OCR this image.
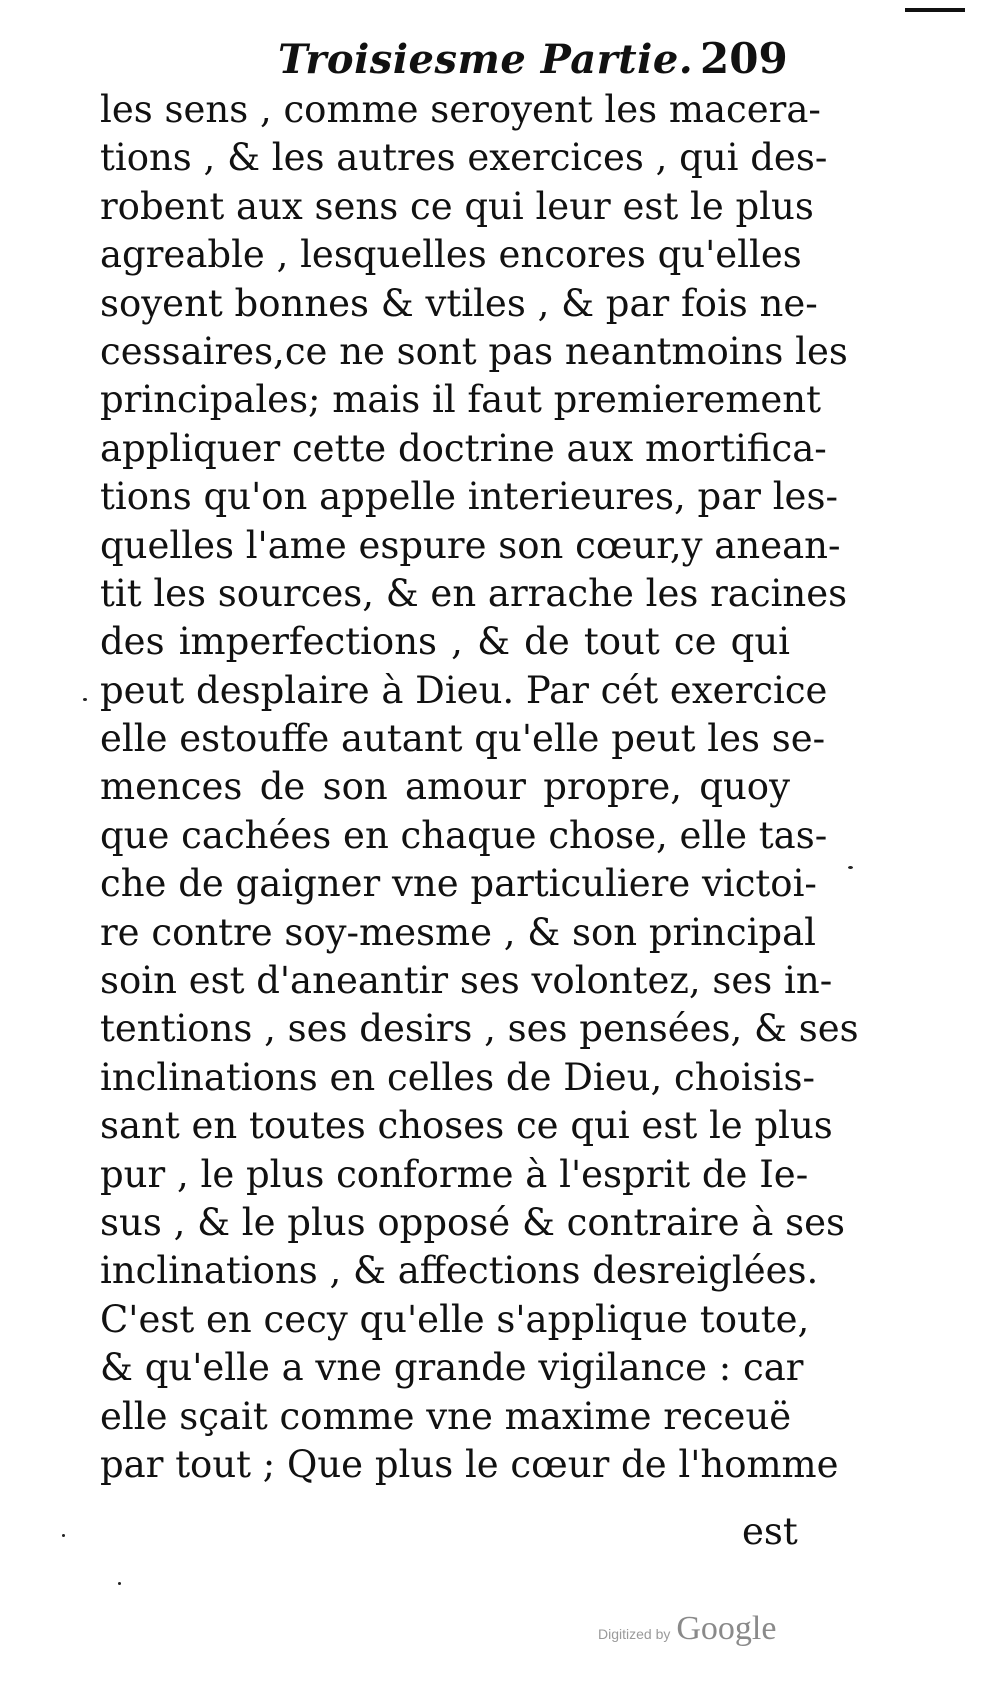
Troisiesme Partie. 209
les sens , comme seroyent les macera-
tions , & les autres exercices , qui des-
robent aux sens ce qui leur est le plus
agreable , lesquelles encores qu'elles
soyent bonnes & vtiles , & par fois ne-
cessaires,ce ne sont pas neantmoins les
principales; mais il faut premierement
appliquer cette doctrine aux mortifica-
tions qu'on appelle interieures, par les-
quelles l'ame espure son cœur,y anean-
tit les sources, & en arrache les racines
des imperfections , & de tout ce qui
peut desplaire à Dieu. Par cét exercice
elle estouffe autant qu'elle peut les se-
mences de son amour propre, quoy
que cachées en chaque chose, elle tas-
che de gaigner vne particuliere victoi-
re contre soy-mesme , & son principal
soin est d'aneantir ses volontez, ses in-
tentions , ses desirs , ses pensées, & ses
inclinations en celles de Dieu, choisis-
sant en toutes choses ce qui est le plus
pur , le plus conforme à l'esprit de Ie-
sus , & le plus opposé & contraire à ses
inclinations , & affections desreiglées.
C'est en cecy qu'elle s'applique toute,
& qu'elle a vne grande vigilance : car
elle sçait comme vne maxime receuë
par tout ; Que plus le cœur de l'homme
est
Digitized by Google
